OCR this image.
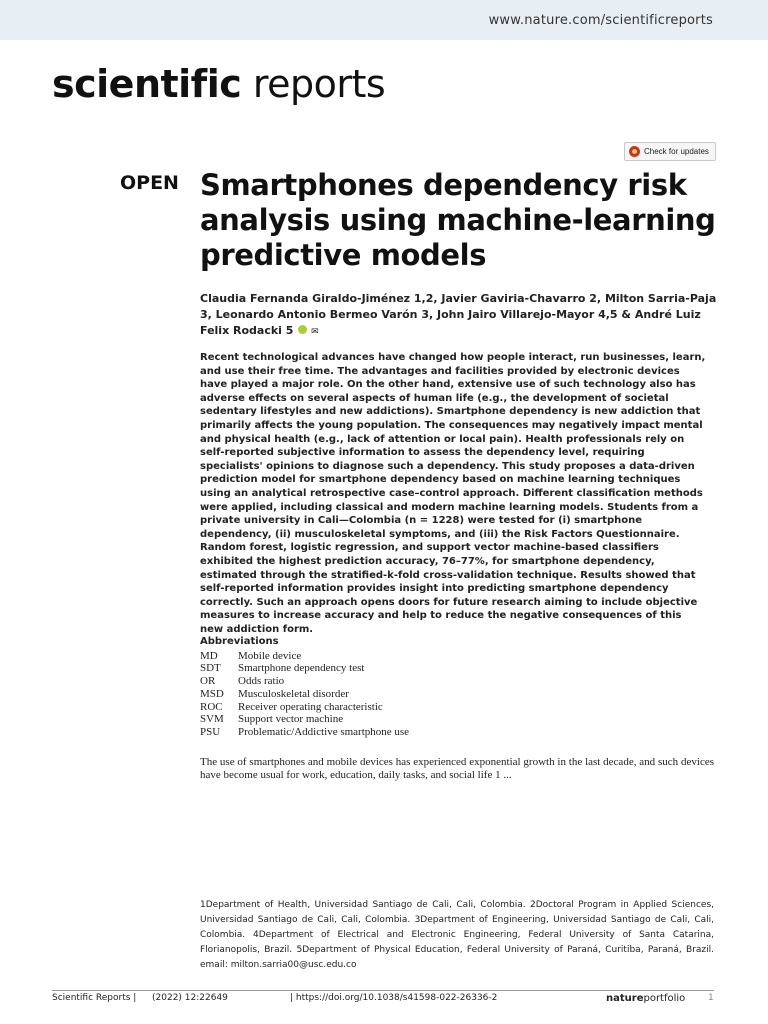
www.nature.com/scientificreports
scientific reports
Check for updates
OPEN Smartphones dependency risk analysis using machine-learning predictive models

Claudia Fernanda Giraldo-Jiménez 1,2, Javier Gaviria-Chavarro 2, Milton Sarria-Paja 3, Leonardo Antonio Bermeo Varón 3, John Jairo Villarejo-Mayor 4,5 & André Luiz Felix Rodacki 5 ✉

Recent technological advances have changed how people interact, run businesses, learn, and use their free time. The advantages and facilities provided by electronic devices have played a major role. On the other hand, extensive use of such technology also has adverse effects on several aspects of human life (e.g., the development of societal sedentary lifestyles and new addictions). Smartphone dependency is new addiction that primarily affects the young population. The consequences may negatively impact mental and physical health (e.g., lack of attention or local pain). Health professionals rely on self-reported subjective information to assess the dependency level, requiring specialists' opinions to diagnose such a dependency. This study proposes a data-driven prediction model for smartphone dependency based on machine learning techniques using an analytical retrospective case–control approach. Different classification methods were applied, including classical and modern machine learning models. Students from a private university in Cali—Colombia (n = 1228) were tested for (i) smartphone dependency, (ii) musculoskeletal symptoms, and (iii) the Risk Factors Questionnaire. Random forest, logistic regression, and support vector machine-based classifiers exhibited the highest prediction accuracy, 76–77%, for smartphone dependency, estimated through the stratified-k-fold cross-validation technique. Results showed that self-reported information provides insight into predicting smartphone dependency correctly. Such an approach opens doors for future research aiming to include objective measures to increase accuracy and help to reduce the negative consequences of this new addiction form.

Abbreviations
MD	Mobile device
SDT	Smartphone dependency test
OR	Odds ratio
MSD	Musculoskeletal disorder
ROC	Receiver operating characteristic
SVM	Support vector machine
PSU	Problematic/Addictive smartphone use

The use of smartphones and mobile devices has experienced exponential growth in the last decade, and such devices have become usual for work, education, daily tasks, and social life 1 ...

1Department of Health, Universidad Santiago de Cali, Cali, Colombia. 2Doctoral Program in Applied Sciences, Universidad Santiago de Cali, Cali, Colombia. 3Department of Engineering, Universidad Santiago de Cali, Cali, Colombia. 4Department of Electrical and Electronic Engineering, Federal University of Santa Catarina, Florianopolis, Brazil. 5Department of Physical Education, Federal University of Paraná, Curitiba, Paraná, Brazil. email: milton.sarria00@usc.edu.co

Scientific Reports | (2022) 12:22649	| https://doi.org/10.1038/s41598-022-26336-2	natureportfolio	1
